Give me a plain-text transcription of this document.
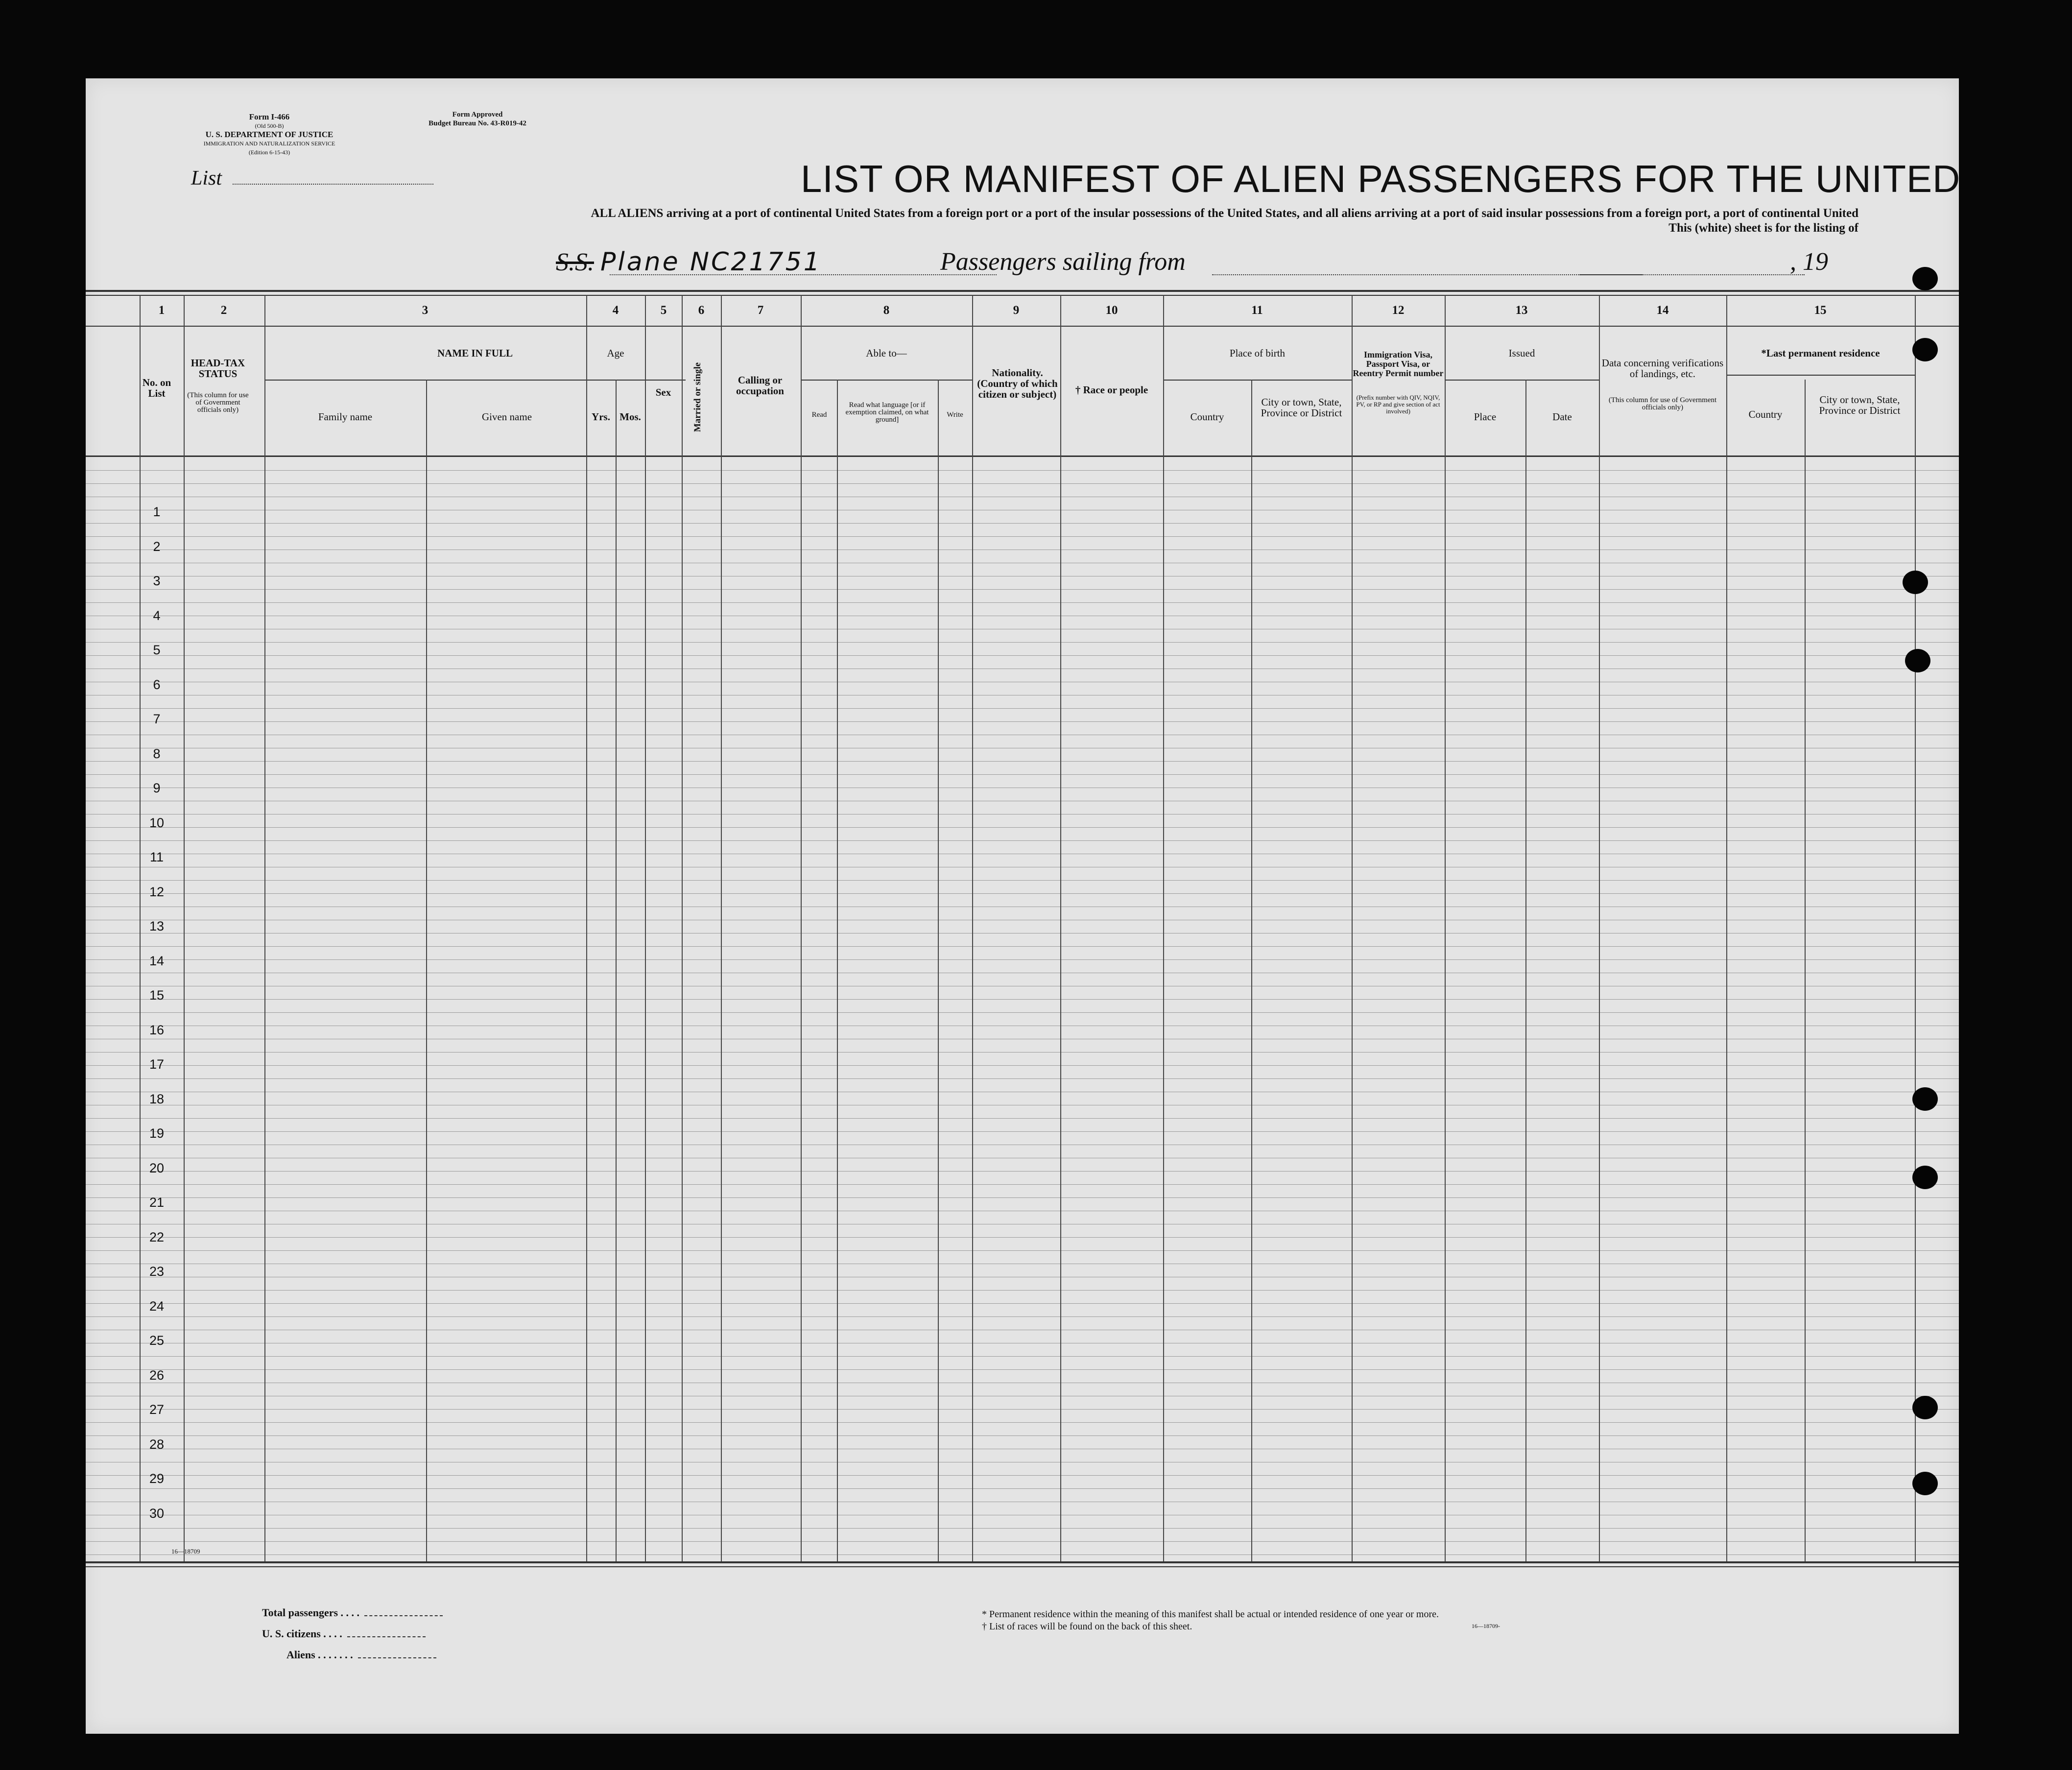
Form I-466
(Old 500-B)
U. S. DEPARTMENT OF JUSTICE
IMMIGRATION AND NATURALIZATION SERVICE
(Edition 6-15-43)
Form Approved
Budget Bureau No. 43-R019-42
List	LIST OR MANIFEST OF ALIEN PASSENGERS FOR THE UNITED
ALL ALIENS arriving at a port of continental United States from a foreign port or a port of the insular possessions of the United States, and all aliens arriving at a port of said insular possessions from a foreign port, a port of continental United
This (white) sheet is for the listing of
S.S. Plane NC21751	Passengers sailing from	, 19
1	2	3	4	5	6	7	8	9	10	11	12	13	14	15
No. on List
HEAD-TAX STATUS
(This column for use of Government officials only)
NAME IN FULL
Family name	Given name
Age
Yrs. Mos.
Sex	Married or single	Calling or occupation
Able to—
Read
Read what language [or if exemption claimed, on what ground]
Write
Nationality. (Country of which citizen or subject)	† Race or people
Place of birth
Country
City or town, State, Province or District
Immigration Visa, Passport Visa, or Reentry Permit number
(Prefix number with QIV, NQIV, PV, or RP and give section of act involved)
Issued
Place	Date
Data concerning verifications of landings, etc.
(This column for use of Government officials only)
*Last permanent residence
Country
City or town, State, Province or District
1
2
3
4
5
6
7
8
9
10
11
12
13
14
15
16
17
18
19
20
21
22
23
24
25
26
27
28
29
30
16—18709
Total passengers . . . .
U. S. citizens . . . .
Aliens . . . . . . .
* Permanent residence within the meaning of this manifest shall be actual or intended residence of one year or more.
† List of races will be found on the back of this sheet.	16—18709-
